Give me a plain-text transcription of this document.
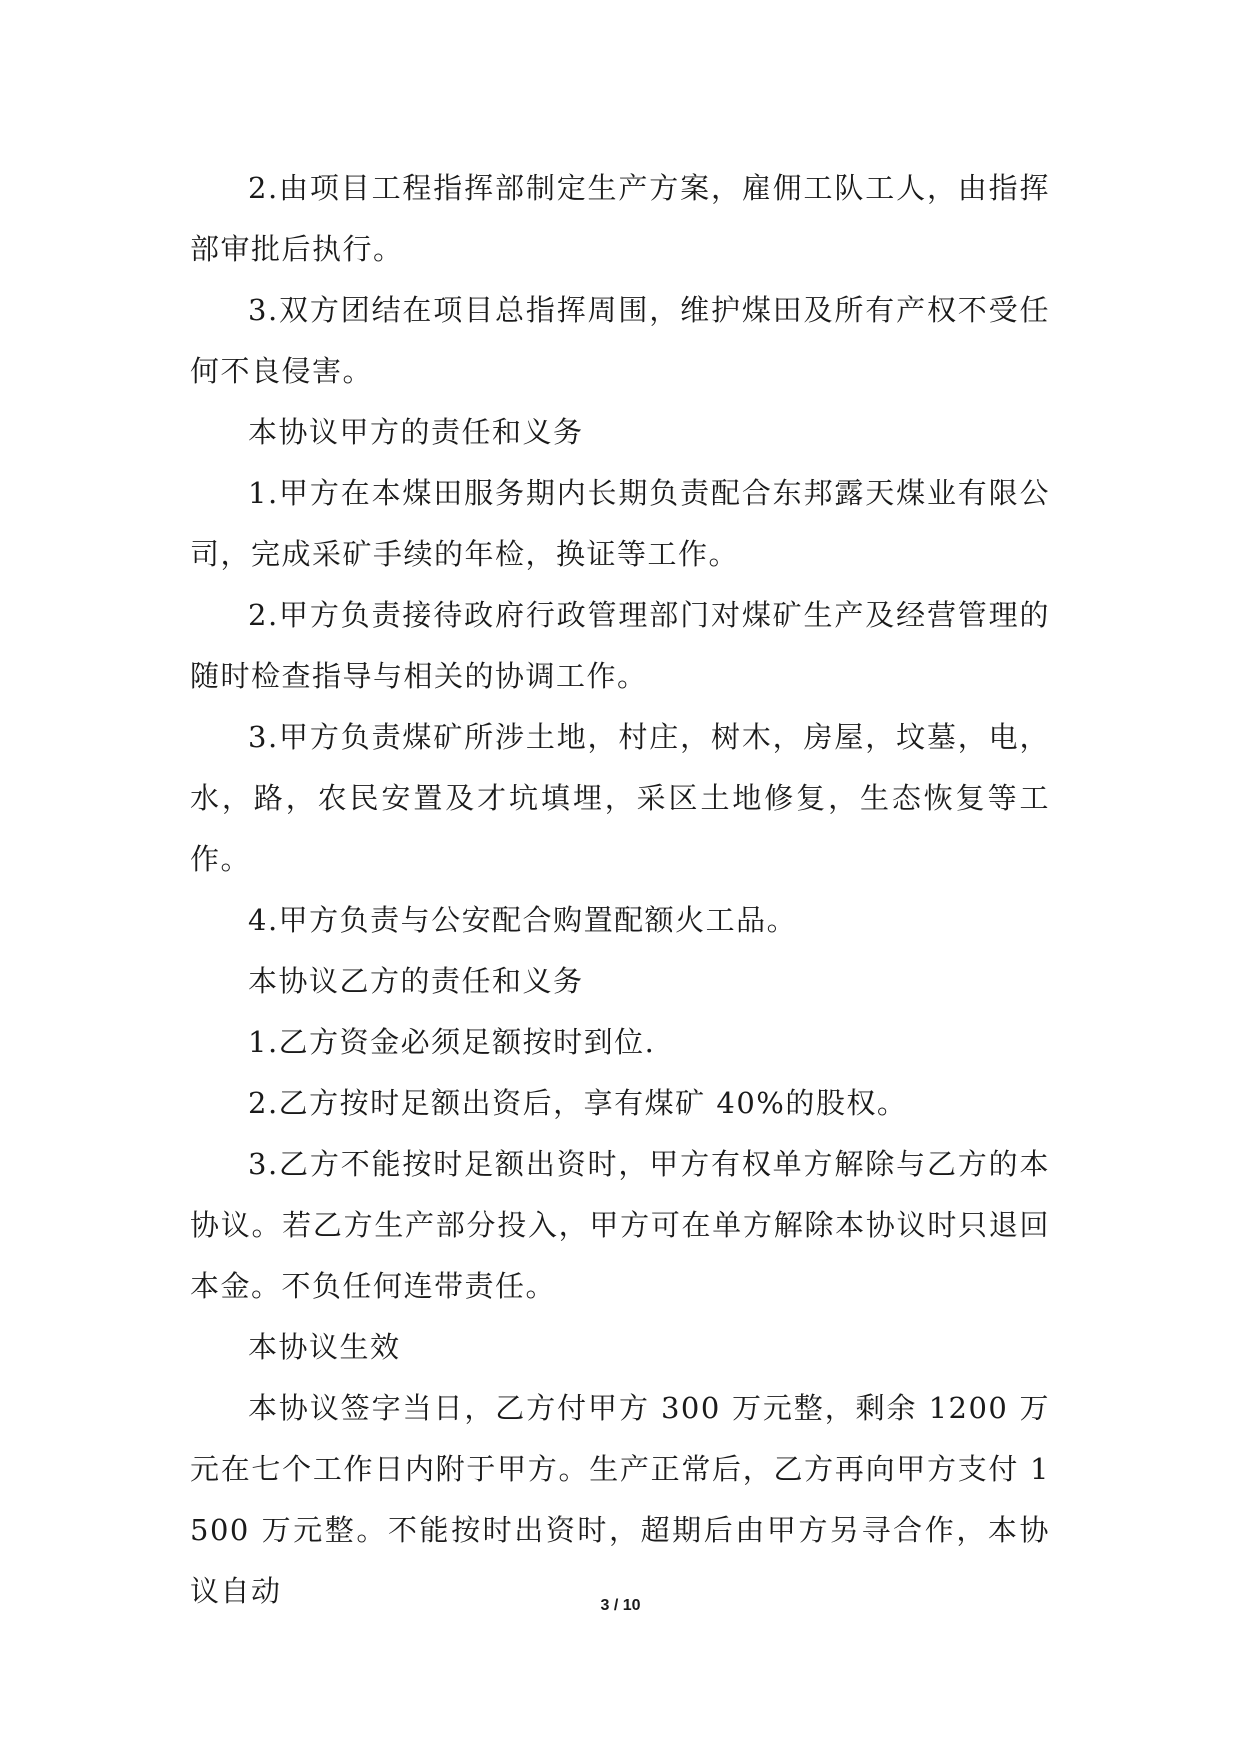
2.由项目工程指挥部制定生产方案，雇佣工队工人，由指挥部审批后执行。

3.双方团结在项目总指挥周围，维护煤田及所有产权不受任何不良侵害。

本协议甲方的责任和义务

1.甲方在本煤田服务期内长期负责配合东邦露天煤业有限公司，完成采矿手续的年检，换证等工作。

2.甲方负责接待政府行政管理部门对煤矿生产及经营管理的随时检查指导与相关的协调工作。

3.甲方负责煤矿所涉土地，村庄，树木，房屋，坟墓，电，水，路，农民安置及才坑填埋，采区土地修复，生态恢复等工作。

4.甲方负责与公安配合购置配额火工品。

本协议乙方的责任和义务

1.乙方资金必须足额按时到位.

2.乙方按时足额出资后，享有煤矿 40%的股权。

3.乙方不能按时足额出资时，甲方有权单方解除与乙方的本协议。若乙方生产部分投入，甲方可在单方解除本协议时只退回本金。不负任何连带责任。

本协议生效

本协议签字当日，乙方付甲方 300 万元整，剩余 1200 万元在七个工作日内附于甲方。生产正常后，乙方再向甲方支付 1500 万元整。不能按时出资时，超期后由甲方另寻合作，本协议自动	3 / 10
